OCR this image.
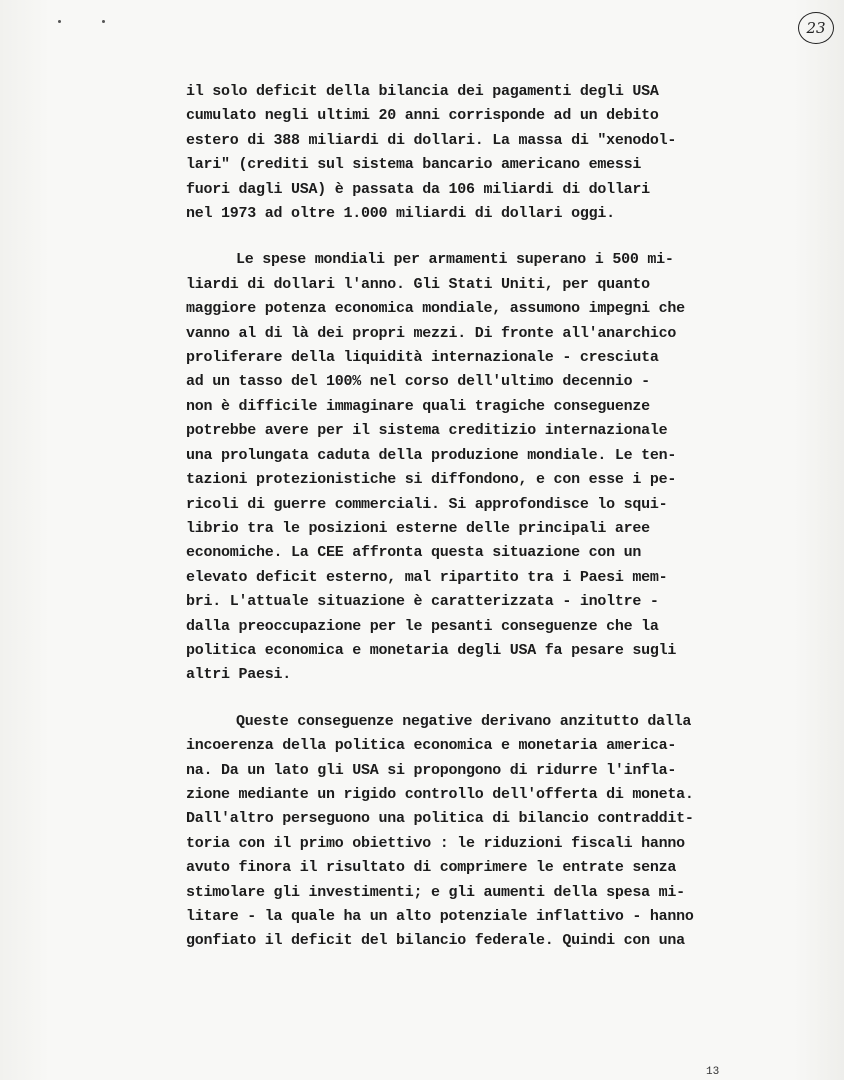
23
il solo deficit della bilancia dei pagamenti degli USA
cumulato negli ultimi 20 anni corrisponde ad un debito
estero di 388 miliardi di dollari. La massa di "xenodol-
lari" (crediti sul sistema bancario americano emessi
fuori dagli USA) è passata da 106 miliardi di dollari
nel 1973 ad oltre 1.000 miliardi di dollari oggi.
Le spese mondiali per armamenti superano i 500 mi-
liardi di dollari l'anno. Gli Stati Uniti, per quanto
maggiore potenza economica mondiale, assumono impegni che
vanno al di là dei propri mezzi. Di fronte all'anarchico
proliferare della liquidità internazionale - cresciuta
ad un tasso del 100% nel corso dell'ultimo decennio -
non è difficile immaginare quali tragiche conseguenze
potrebbe avere per il sistema creditizio internazionale
una prolungata caduta della produzione mondiale. Le ten-
tazioni protezionistiche si diffondono, e con esse i pe-
ricoli di guerre commerciali. Si approfondisce lo squi-
librio tra le posizioni esterne delle principali aree
economiche. La CEE affronta questa situazione con un
elevato deficit esterno, mal ripartito tra i Paesi mem-
bri. L'attuale situazione è caratterizzata - inoltre -
dalla preoccupazione per le pesanti conseguenze che la
politica economica e monetaria degli USA fa pesare sugli
altri Paesi.
Queste conseguenze negative derivano anzitutto dalla
incoerenza della politica economica e monetaria america-
na. Da un lato gli USA si propongono di ridurre l'infla-
zione mediante un rigido controllo dell'offerta di moneta.
Dall'altro perseguono una politica di bilancio contraddit-
toria con il primo obiettivo : le riduzioni fiscali hanno
avuto finora il risultato di comprimere le entrate senza
stimolare gli investimenti; e gli aumenti della spesa mi-
litare - la quale ha un alto potenziale inflattivo - hanno
gonfiato il deficit del bilancio federale. Quindi con una
13
